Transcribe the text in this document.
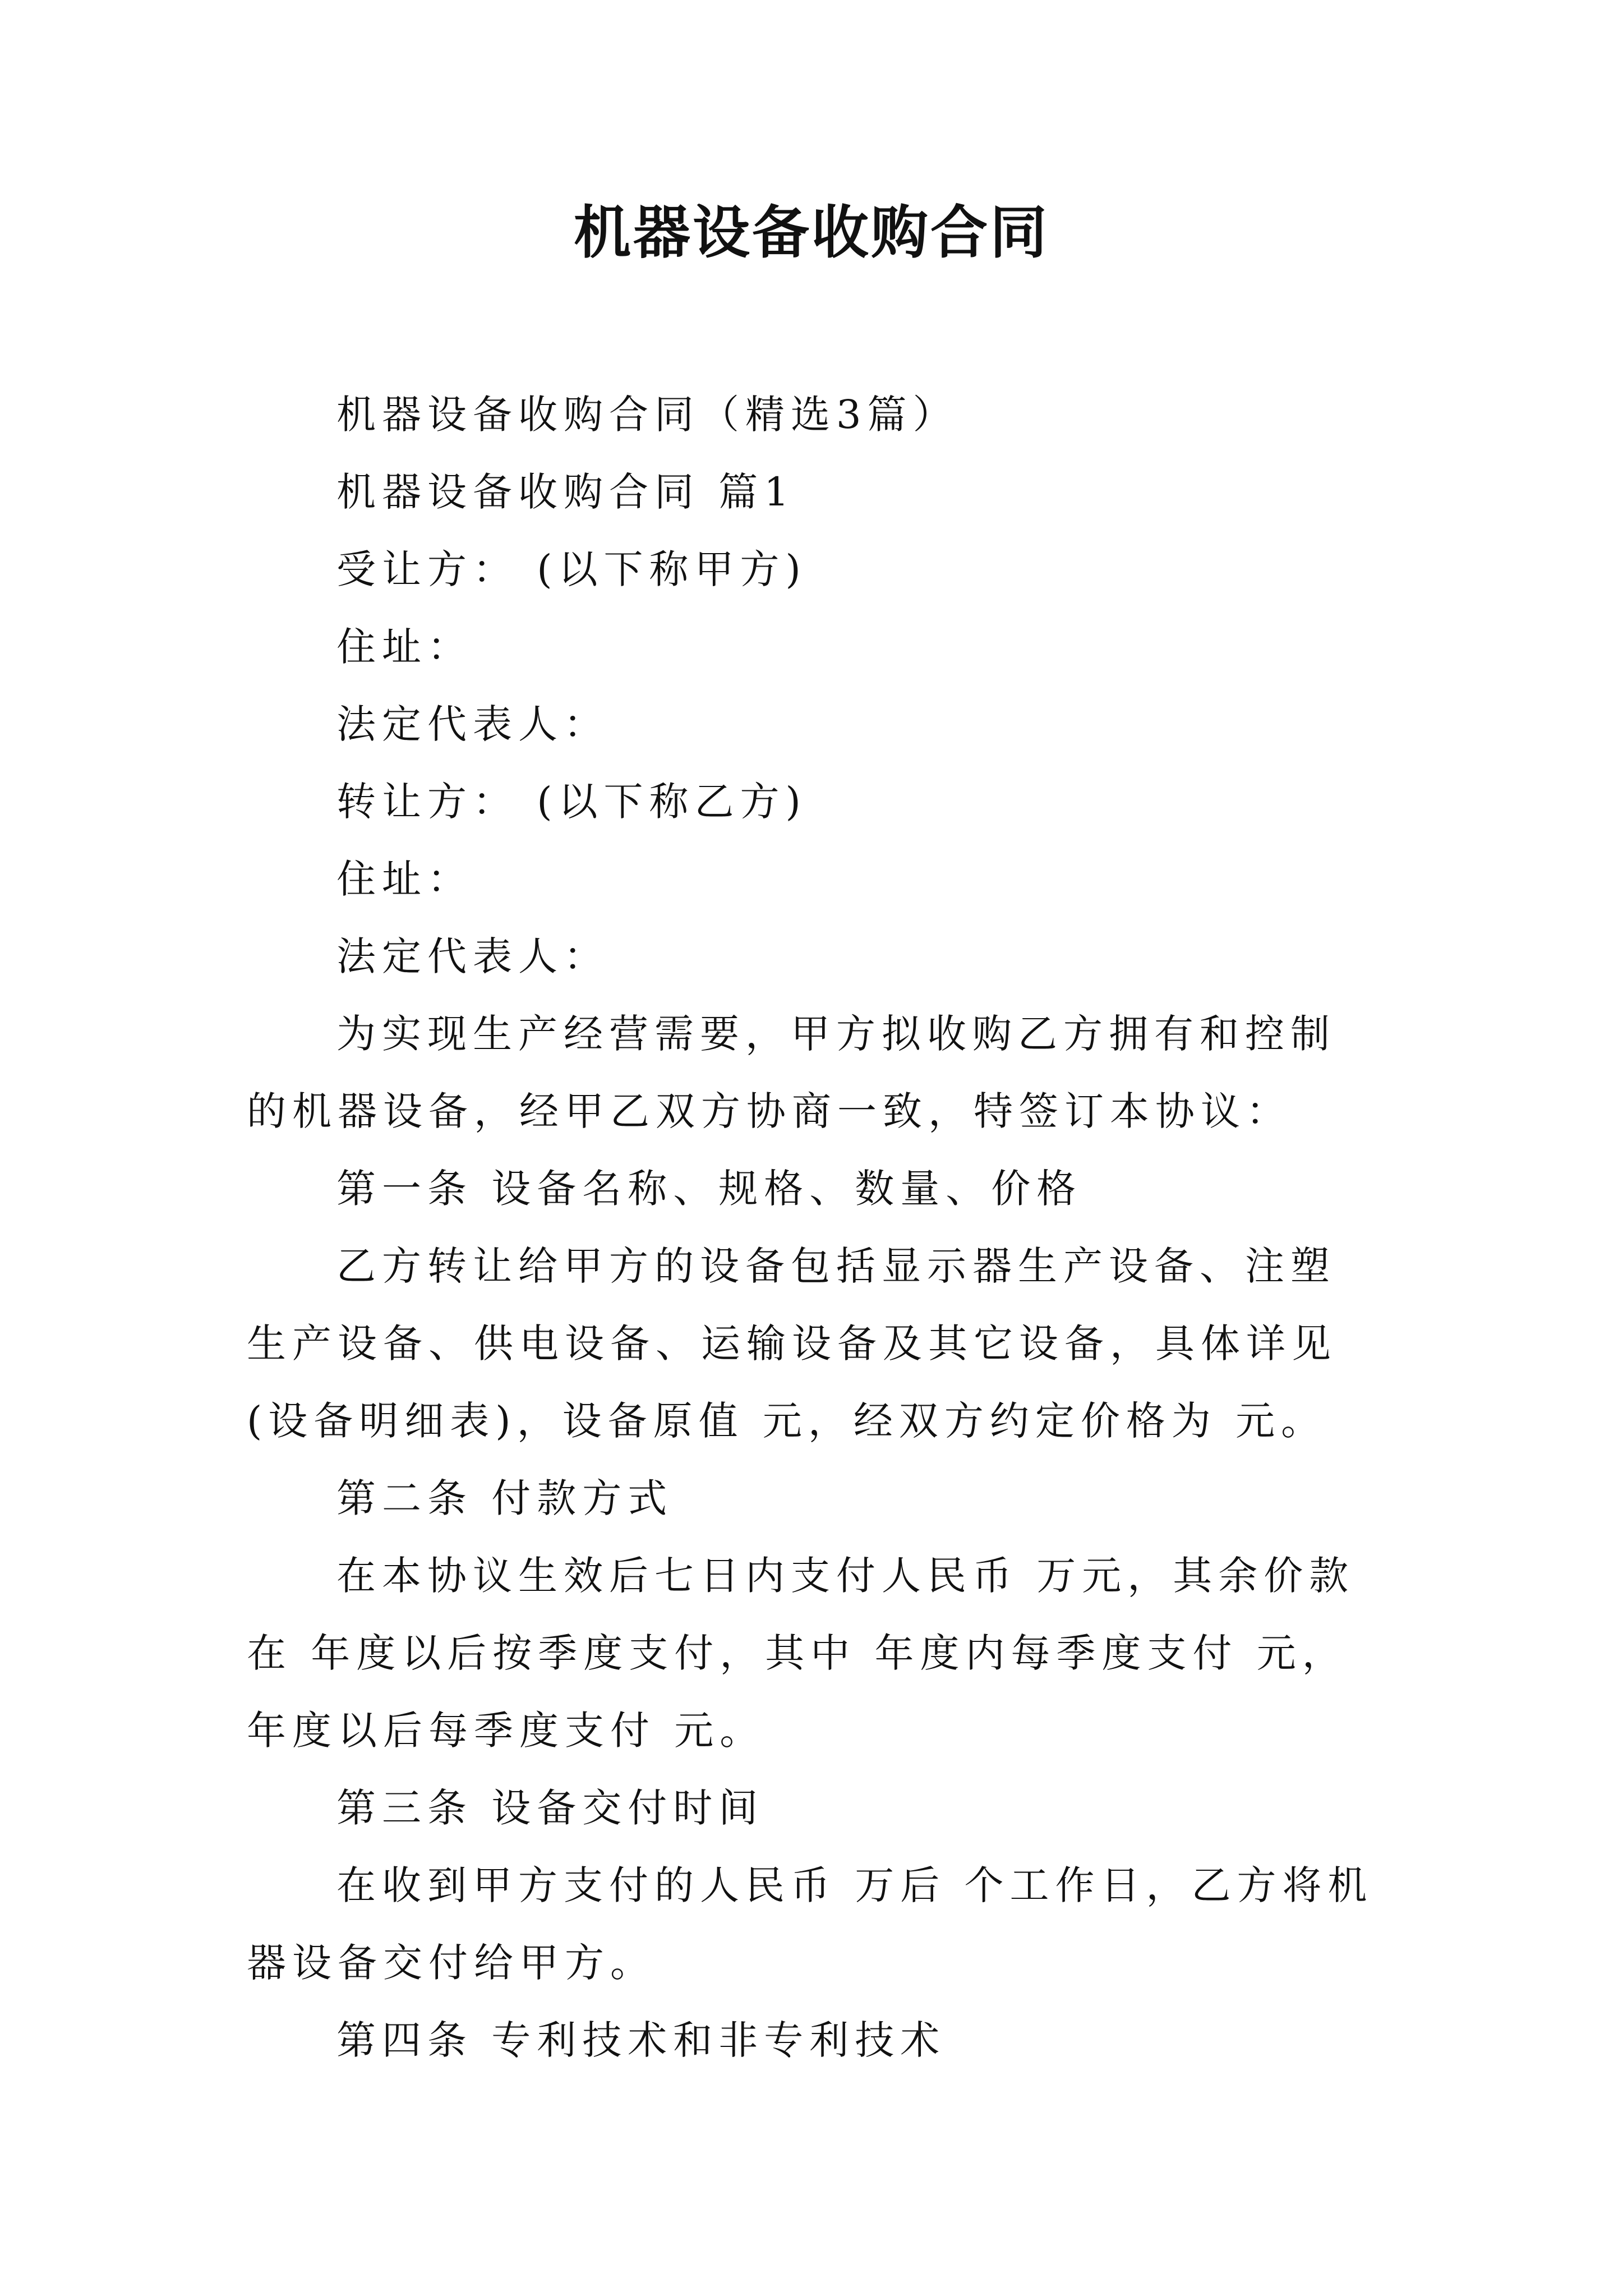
机器设备收购合同

机器设备收购合同（精选3篇）

机器设备收购合同 篇1

受让方： (以下称甲方)

住址：

法定代表人：

转让方： (以下称乙方)

住址：

法定代表人：

为实现生产经营需要，甲方拟收购乙方拥有和控制的机器设备，经甲乙双方协商一致，特签订本协议：

第一条 设备名称、规格、数量、价格

乙方转让给甲方的设备包括显示器生产设备、注塑生产设备、供电设备、运输设备及其它设备，具体详见(设备明细表)，设备原值 元，经双方约定价格为 元。

第二条 付款方式

在本协议生效后七日内支付人民币 万元，其余价款在 年度以后按季度支付，其中 年度内每季度支付 元， 年度以后每季度支付 元。

第三条 设备交付时间

在收到甲方支付的人民币 万后 个工作日，乙方将机器设备交付给甲方。

第四条 专利技术和非专利技术
